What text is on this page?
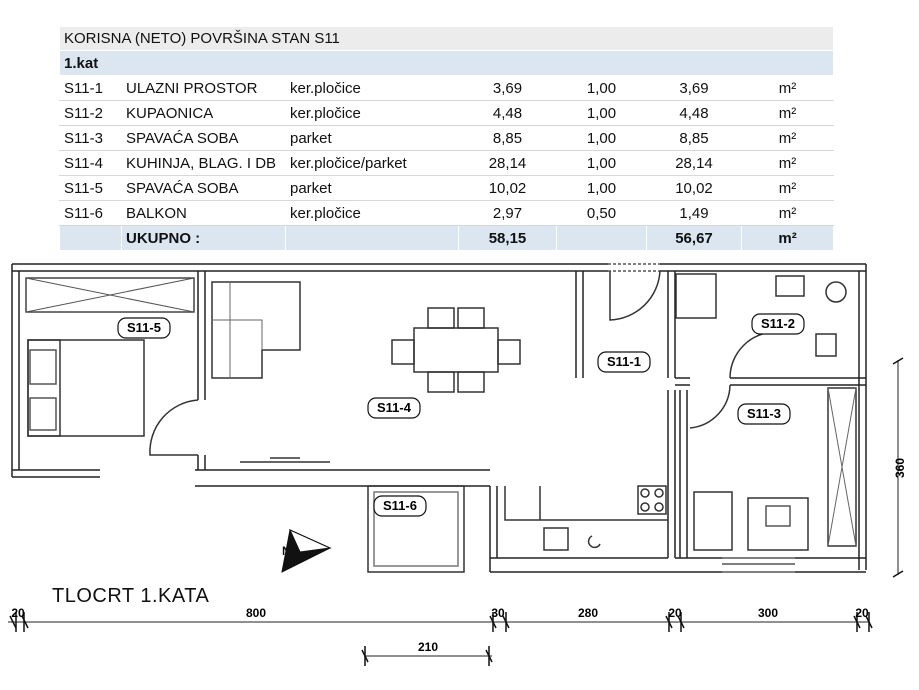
KORISNA (NETO) POVRŠINA STAN S11						
1.kat						
S11-1	ULAZNI PROSTOR	ker.pločice	3,69	1,00	3,69	m²
S11-2	KUPAONICA	ker.pločice	4,48	1,00	4,48	m²
S11-3	SPAVAĆA SOBA	parket	8,85	1,00	8,85	m²
S11-4	KUHINJA, BLAG. I DB	ker.pločice/parket	28,14	1,00	28,14	m²
S11-5	SPAVAĆA SOBA	parket	10,02	1,00	10,02	m²
S11-6	BALKON	ker.pločice	2,97	0,50	1,49	m²
	UKUPNO :		58,15		56,67	m²
N
S11-5
S11-4
S11-1
S11-2
S11-3
S11-6
TLOCRT 1.KATA
20	800	30	280	20	300	20
210
360
